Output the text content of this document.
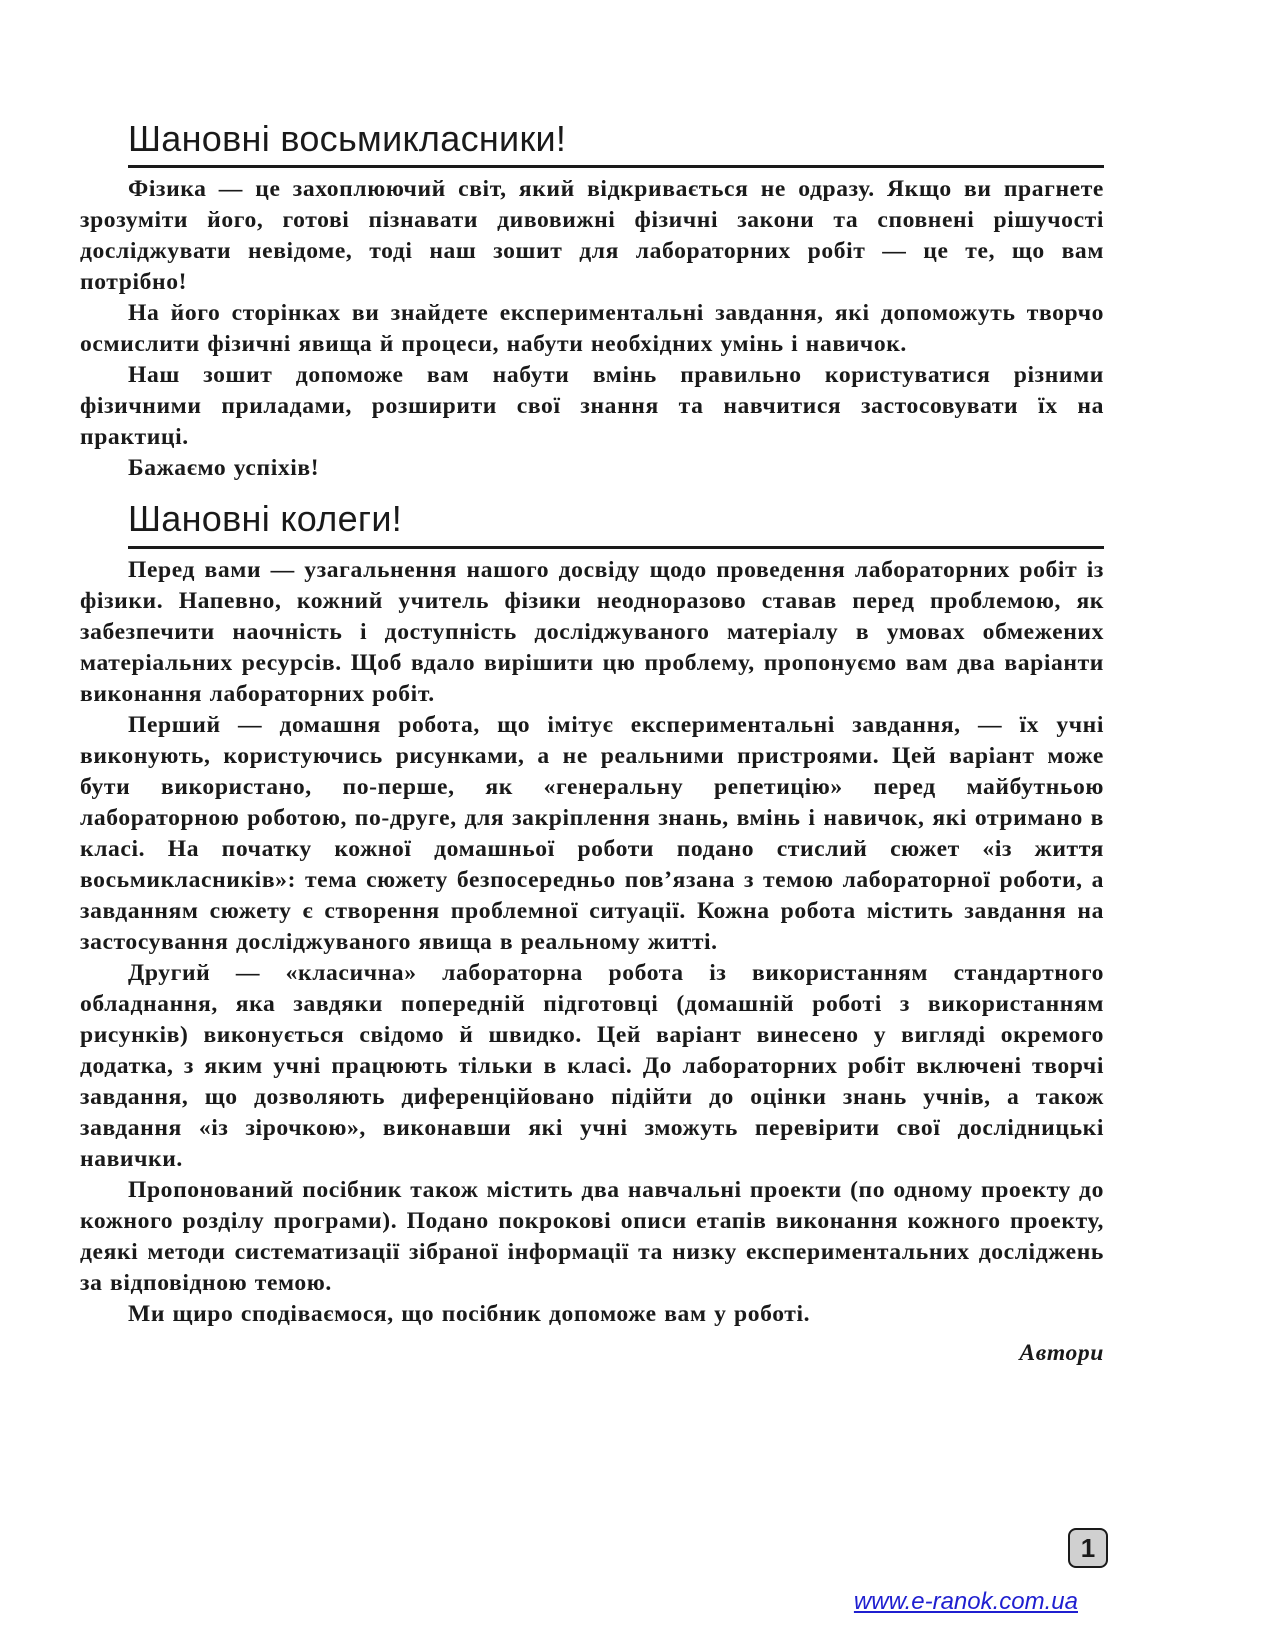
Шановні восьмикласники!

Фізика — це захоплюючий світ, який відкривається не одразу. Якщо ви прагнете зрозуміти його, готові пізнавати дивовижні фізичні закони та сповнені рішучості досліджувати невідоме, тоді наш зошит для лабораторних робіт — це те, що вам потрібно!

На його сторінках ви знайдете експериментальні завдання, які допоможуть творчо осмислити фізичні явища й процеси, набути необхідних умінь і навичок.

Наш зошит допоможе вам набути вмінь правильно користуватися різними фізичними приладами, розширити свої знання та навчитися застосовувати їх на практиці.

Бажаємо успіхів!

Шановні колеги!

Перед вами — узагальнення нашого досвіду щодо проведення лабораторних робіт із фізики. Напевно, кожний учитель фізики неодноразово ставав перед проблемою, як забезпечити наочність і доступність досліджуваного матеріалу в умовах обмежених матеріальних ресурсів. Щоб вдало вирішити цю проблему, пропонуємо вам два варіанти виконання лабораторних робіт.

Перший — домашня робота, що імітує експериментальні завдання, — їх учні виконують, користуючись рисунками, а не реальними пристроями. Цей варіант може бути використано, по-перше, як «генеральну репетицію» перед майбутньою лабораторною роботою, по-друге, для закріплення знань, вмінь і навичок, які отримано в класі. На початку кожної домашньої роботи подано стислий сюжет «із життя восьмикласників»: тема сюжету безпосередньо пов’язана з темою лабораторної роботи, а завданням сюжету є створення проблемної ситуації. Кожна робота містить завдання на застосування досліджуваного явища в реальному житті.

Другий — «класична» лабораторна робота із використанням стандартного обладнання, яка завдяки попередній підготовці (домашній роботі з використанням рисунків) виконується свідомо й швидко. Цей варіант винесено у вигляді окремого додатка, з яким учні працюють тільки в класі. До лабораторних робіт включені творчі завдання, що дозволяють диференційовано підійти до оцінки знань учнів, а також завдання «із зірочкою», виконавши які учні зможуть перевірити свої дослідницькі навички.

Пропонований посібник також містить два навчальні проекти (по одному проекту до кожного розділу програми). Подано покрокові описи етапів виконання кожного проекту, деякі методи систематизації зібраної інформації та низку експериментальних досліджень за відповідною темою.

Ми щиро сподіваємося, що посібник допоможе вам у роботі.

Автори

1
www.e-ranok.com.ua
